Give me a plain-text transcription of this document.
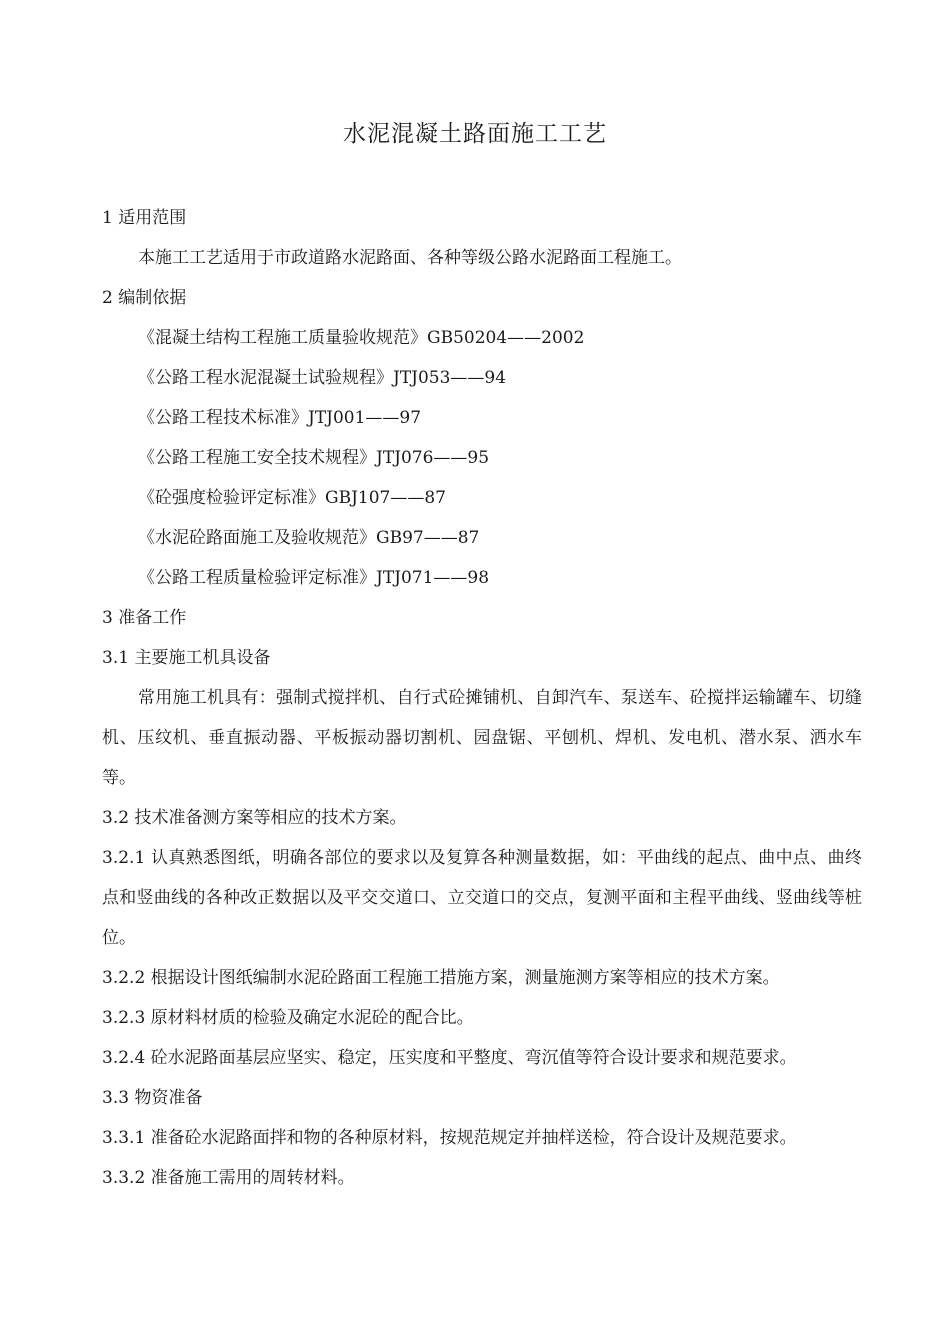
水泥混凝土路面施工工艺
1 适用范围
本施工工艺适用于市政道路水泥路面、各种等级公路水泥路面工程施工。
2 编制依据
《混凝土结构工程施工质量验收规范》GB50204——2002
《公路工程水泥混凝土试验规程》JTJ053——94
《公路工程技术标准》JTJ001——97
《公路工程施工安全技术规程》JTJ076——95
《砼强度检验评定标准》GBJ107——87
《水泥砼路面施工及验收规范》GB97——87
《公路工程质量检验评定标准》JTJ071——98
3 准备工作
3.1 主要施工机具设备

常用施工机具有：强制式搅拌机、自行式砼摊铺机、自卸汽车、泵送车、砼搅拌运输罐车、切缝机、压纹机、垂直振动器、平板振动器切割机、园盘锯、平刨机、焊机、发电机、潜水泵、洒水车等。

3.2 技术准备测方案等相应的技术方案。

3.2.1 认真熟悉图纸，明确各部位的要求以及复算各种测量数据，如：平曲线的起点、曲中点、曲终点和竖曲线的各种改正数据以及平交交道口、立交道口的交点，复测平面和主程平曲线、竖曲线等桩位。

3.2.2 根据设计图纸编制水泥砼路面工程施工措施方案，测量施测方案等相应的技术方案。
3.2.3 原材料材质的检验及确定水泥砼的配合比。
3.2.4 砼水泥路面基层应坚实、稳定，压实度和平整度、弯沉值等符合设计要求和规范要求。
3.3 物资准备
3.3.1 准备砼水泥路面拌和物的各种原材料，按规范规定并抽样送检，符合设计及规范要求。
3.3.2 准备施工需用的周转材料。
